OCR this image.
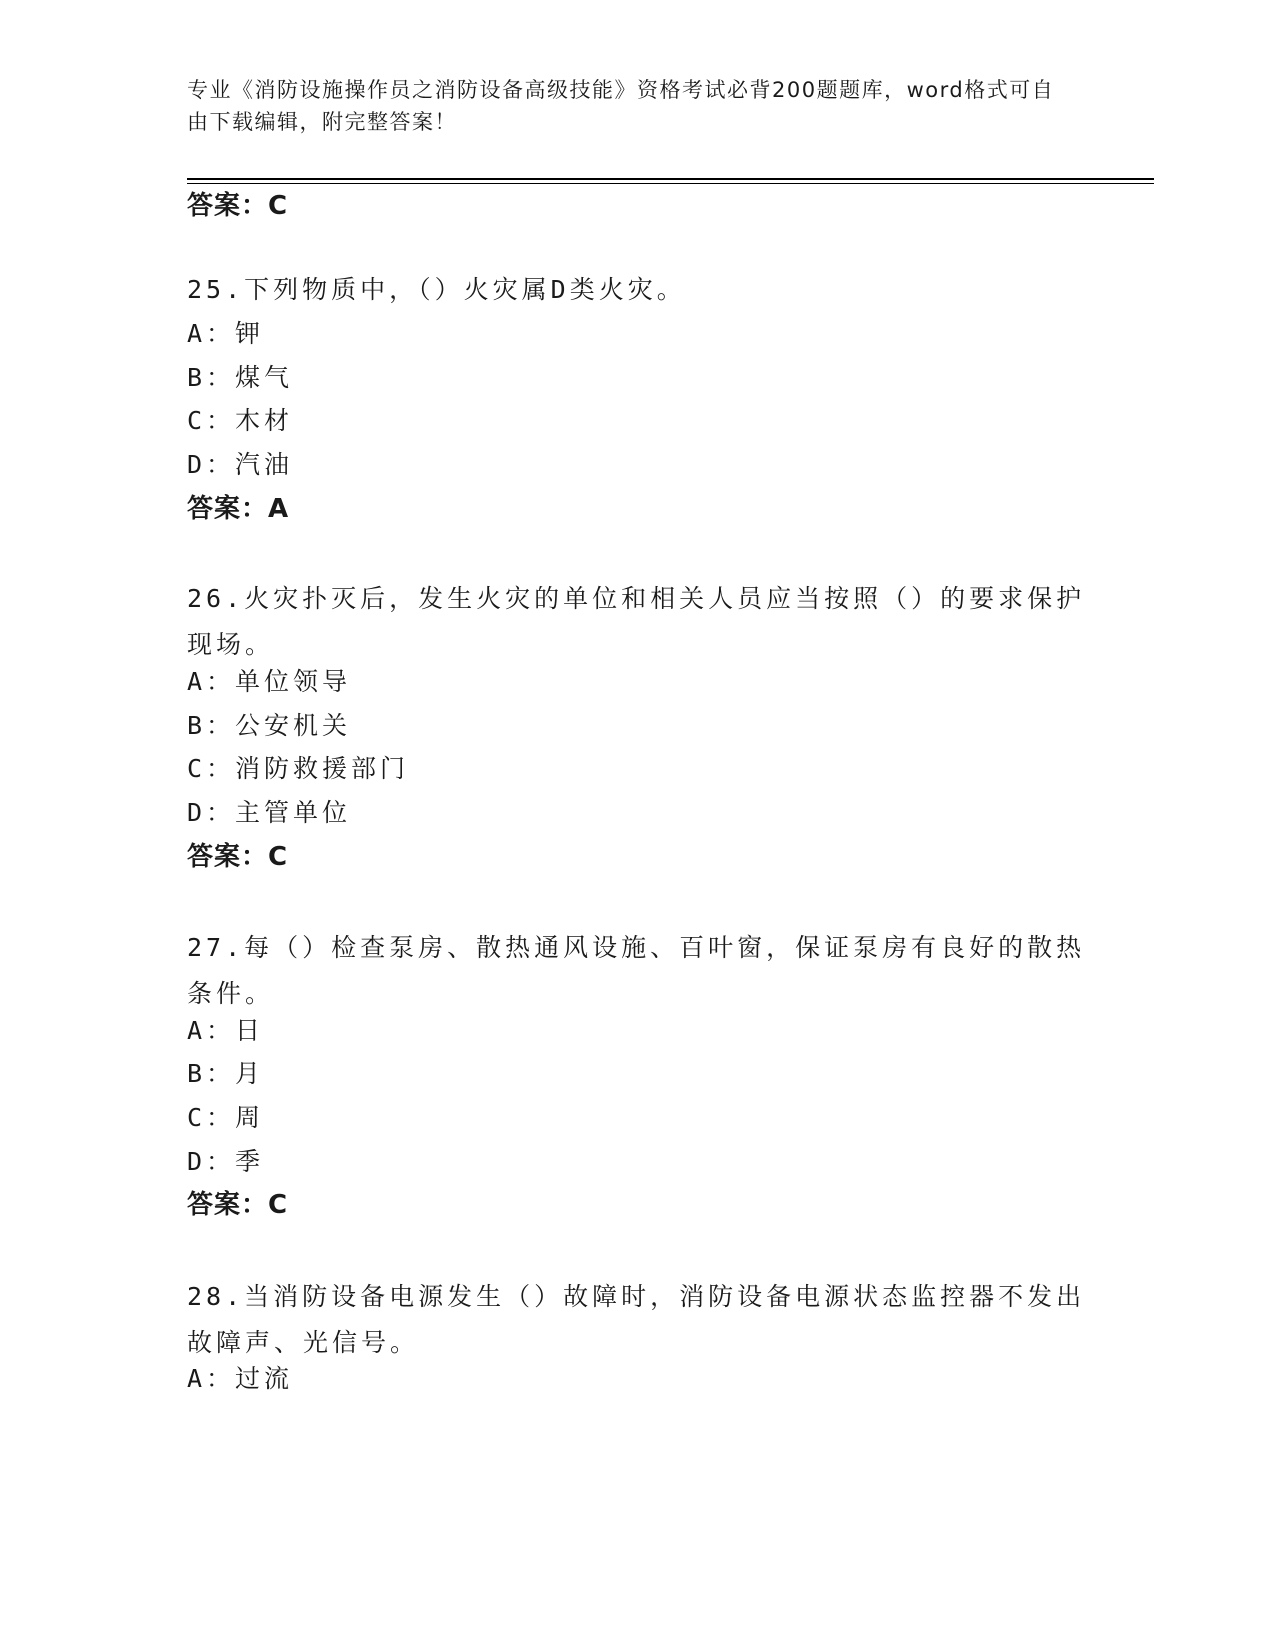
专业《消防设施操作员之消防设备高级技能》资格考试必背200题题库，word格式可自由下载编辑，附完整答案！
答案：C
25.下列物质中，（）火灾属D类火灾。
A：钾
B：煤气
C：木材
D：汽油
答案：A
26.火灾扑灭后，发生火灾的单位和相关人员应当按照（）的要求保护现场。
A：单位领导
B：公安机关
C：消防救援部门
D：主管单位
答案：C
27.每（）检查泵房、散热通风设施、百叶窗，保证泵房有良好的散热条件。
A：日
B：月
C：周
D：季
答案：C
28.当消防设备电源发生（）故障时，消防设备电源状态监控器不发出故障声、光信号。
A：过流
